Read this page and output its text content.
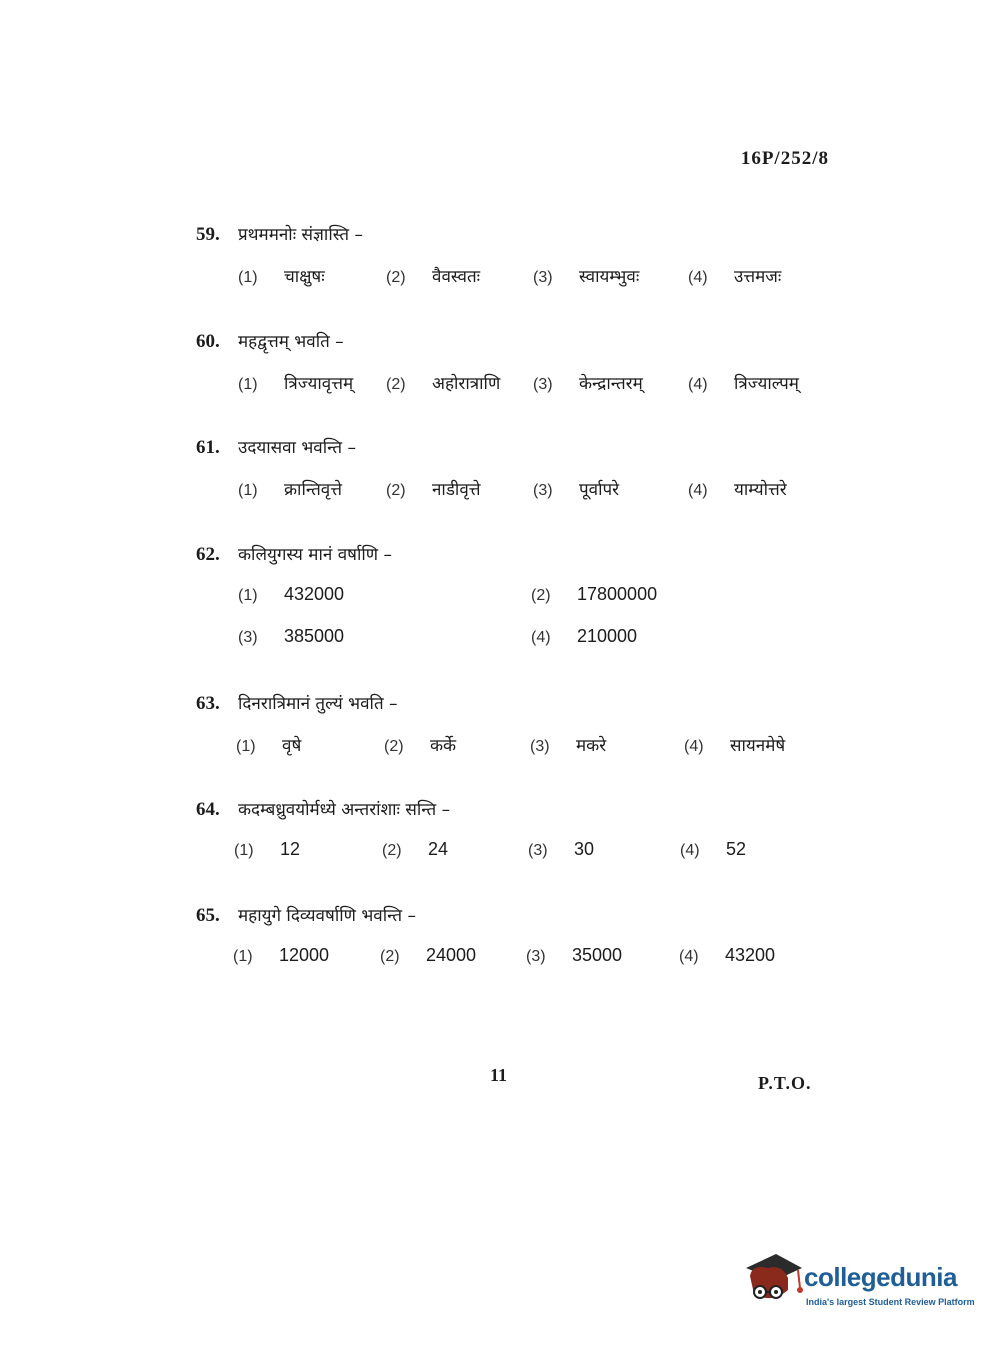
16P/252/8
59. प्रथममनोः संज्ञास्ति –
(1) चाक्षुषः	(2) वैवस्वतः	(3) स्वायम्भुवः	(4) उत्तमजः
60. महद्वृत्तम् भवति –
(1) त्रिज्यावृत्तम् (2) अहोरात्राणि (3) केन्द्रान्तरम्	(4) त्रिज्याल्पम्
61. उदयासवा भवन्ति –
(1) क्रान्तिवृत्ते	(2) नाडीवृत्ते	(3) पूर्वापरे	(4) याम्योत्तरे
62. कलियुगस्य मानं वर्षाणि –
(1) 432000	(2) 17800000
(3) 385000	(4) 210000
63. दिनरात्रिमानं तुल्यं भवति –
(1) वृषे	(2) कर्के	(3) मकरे	(4) सायनमेषे
64. कदम्बध्रुवयोर्मध्ये अन्तरांशाः सन्ति –
(1) 12	(2) 24	(3) 30	(4) 52
65. महायुगे दिव्यवर्षाणि भवन्ति –
(1) 12000	(2) 24000	(3) 35000	(4) 43200
11	P.T.O.
collegedunia
India's largest Student Review Platform
